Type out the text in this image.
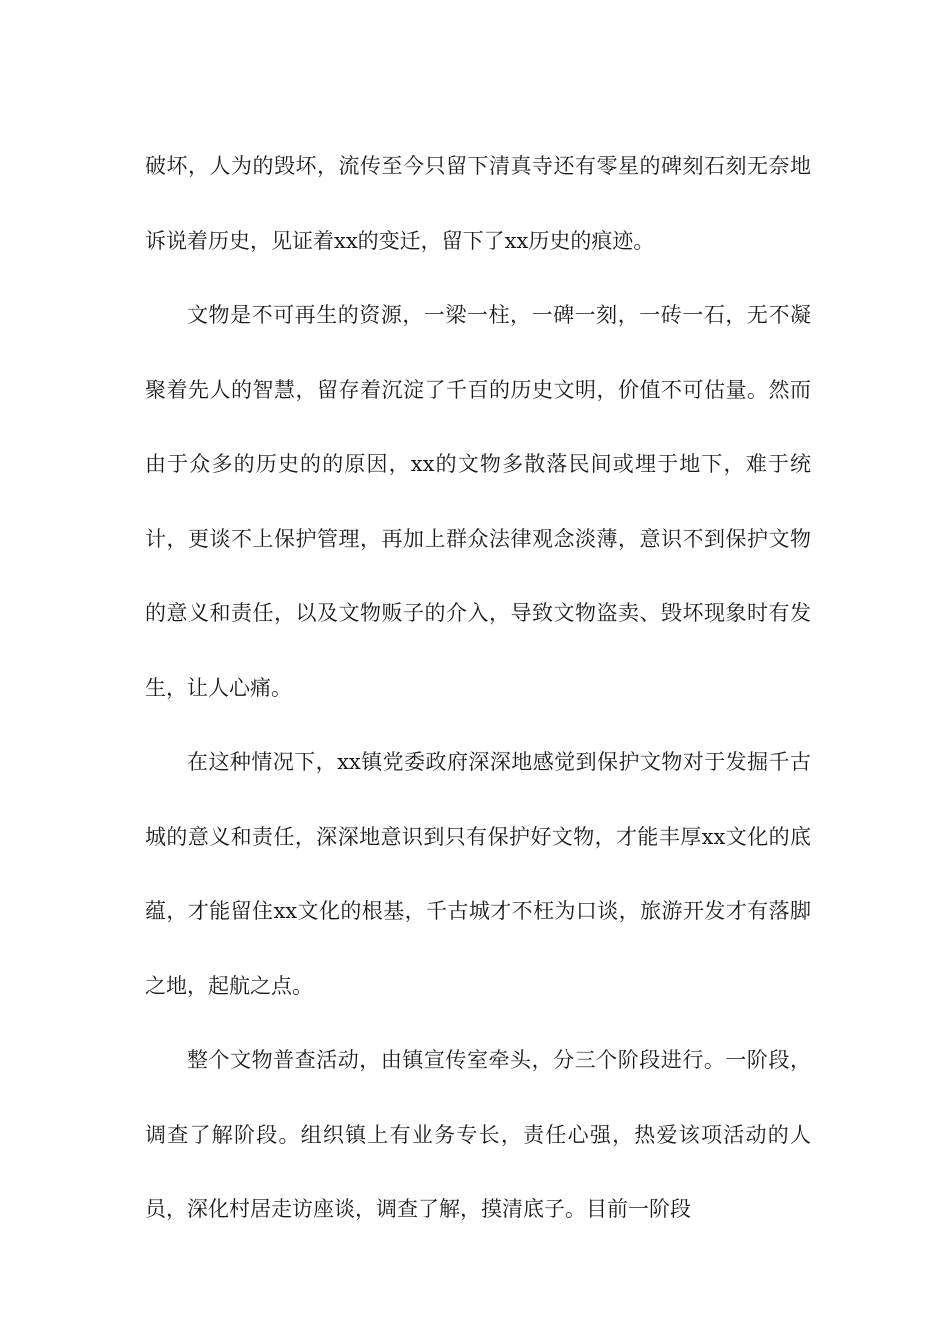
破坏，人为的毁坏，流传至今只留下清真寺还有零星的碑刻石刻无奈地诉说着历史，见证着xx的变迁，留下了xx历史的痕迹。

文物是不可再生的资源，一梁一柱，一碑一刻，一砖一石，无不凝聚着先人的智慧，留存着沉淀了千百的历史文明，价值不可估量。然而由于众多的历史的的原因，xx的文物多散落民间或埋于地下，难于统计，更谈不上保护管理，再加上群众法律观念淡薄，意识不到保护文物的意义和责任，以及文物贩子的介入，导致文物盗卖、毁坏现象时有发生，让人心痛。

在这种情况下，xx镇党委政府深深地感觉到保护文物对于发掘千古城的意义和责任，深深地意识到只有保护好文物，才能丰厚xx文化的底蕴，才能留住xx文化的根基，千古城才不枉为口谈，旅游开发才有落脚之地，起航之点。

整个文物普查活动，由镇宣传室牵头，分三个阶段进行。一阶段，调查了解阶段。组织镇上有业务专长，责任心强，热爱该项活动的人员，深化村居走访座谈，调查了解，摸清底子。目前一阶段
